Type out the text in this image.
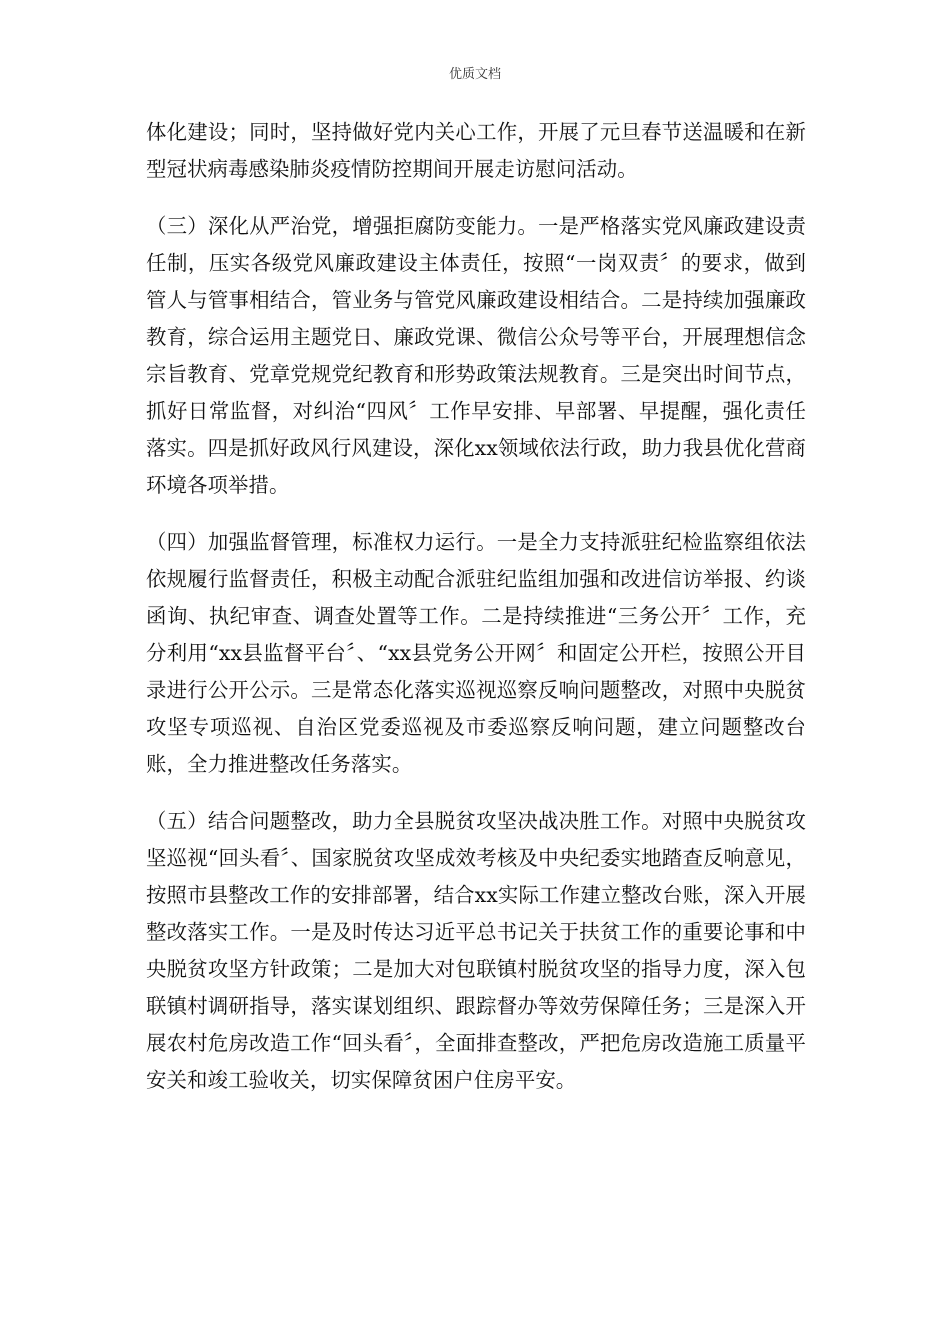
优质文档

体化建设；同时，坚持做好党内关心工作，开展了元旦春节送温暖和在新型冠状病毒感染肺炎疫情防控期间开展走访慰问活动。

（三）深化从严治党，增强拒腐防变能力。一是严格落实党风廉政建设责任制，压实各级党风廉政建设主体责任，按照“一岗双责〞的要求，做到管人与管事相结合，管业务与管党风廉政建设相结合。二是持续加强廉政教育，综合运用主题党日、廉政党课、微信公众号等平台，开展理想信念宗旨教育、党章党规党纪教育和形势政策法规教育。三是突出时间节点，抓好日常监督，对纠治“四风〞工作早安排、早部署、早提醒，强化责任落实。四是抓好政风行风建设，深化xx领域依法行政，助力我县优化营商环境各项举措。

（四）加强监督管理，标准权力运行。一是全力支持派驻纪检监察组依法依规履行监督责任，积极主动配合派驻纪监组加强和改进信访举报、约谈函询、执纪审查、调查处置等工作。二是持续推进“三务公开〞工作，充分利用“xx县监督平台〞、“xx县党务公开网〞和固定公开栏，按照公开目录进行公开公示。三是常态化落实巡视巡察反响问题整改，对照中央脱贫攻坚专项巡视、自治区党委巡视及市委巡察反响问题，建立问题整改台账，全力推进整改任务落实。

（五）结合问题整改，助力全县脱贫攻坚决战决胜工作。对照中央脱贫攻坚巡视“回头看〞、国家脱贫攻坚成效考核及中央纪委实地踏查反响意见，按照市县整改工作的安排部署，结合xx实际工作建立整改台账，深入开展整改落实工作。一是及时传达习近平总书记关于扶贫工作的重要论事和中央脱贫攻坚方针政策；二是加大对包联镇村脱贫攻坚的指导力度，深入包联镇村调研指导，落实谋划组织、跟踪督办等效劳保障任务；三是深入开展农村危房改造工作“回头看〞，全面排查整改，严把危房改造施工质量平安关和竣工验收关，切实保障贫困户住房平安。
